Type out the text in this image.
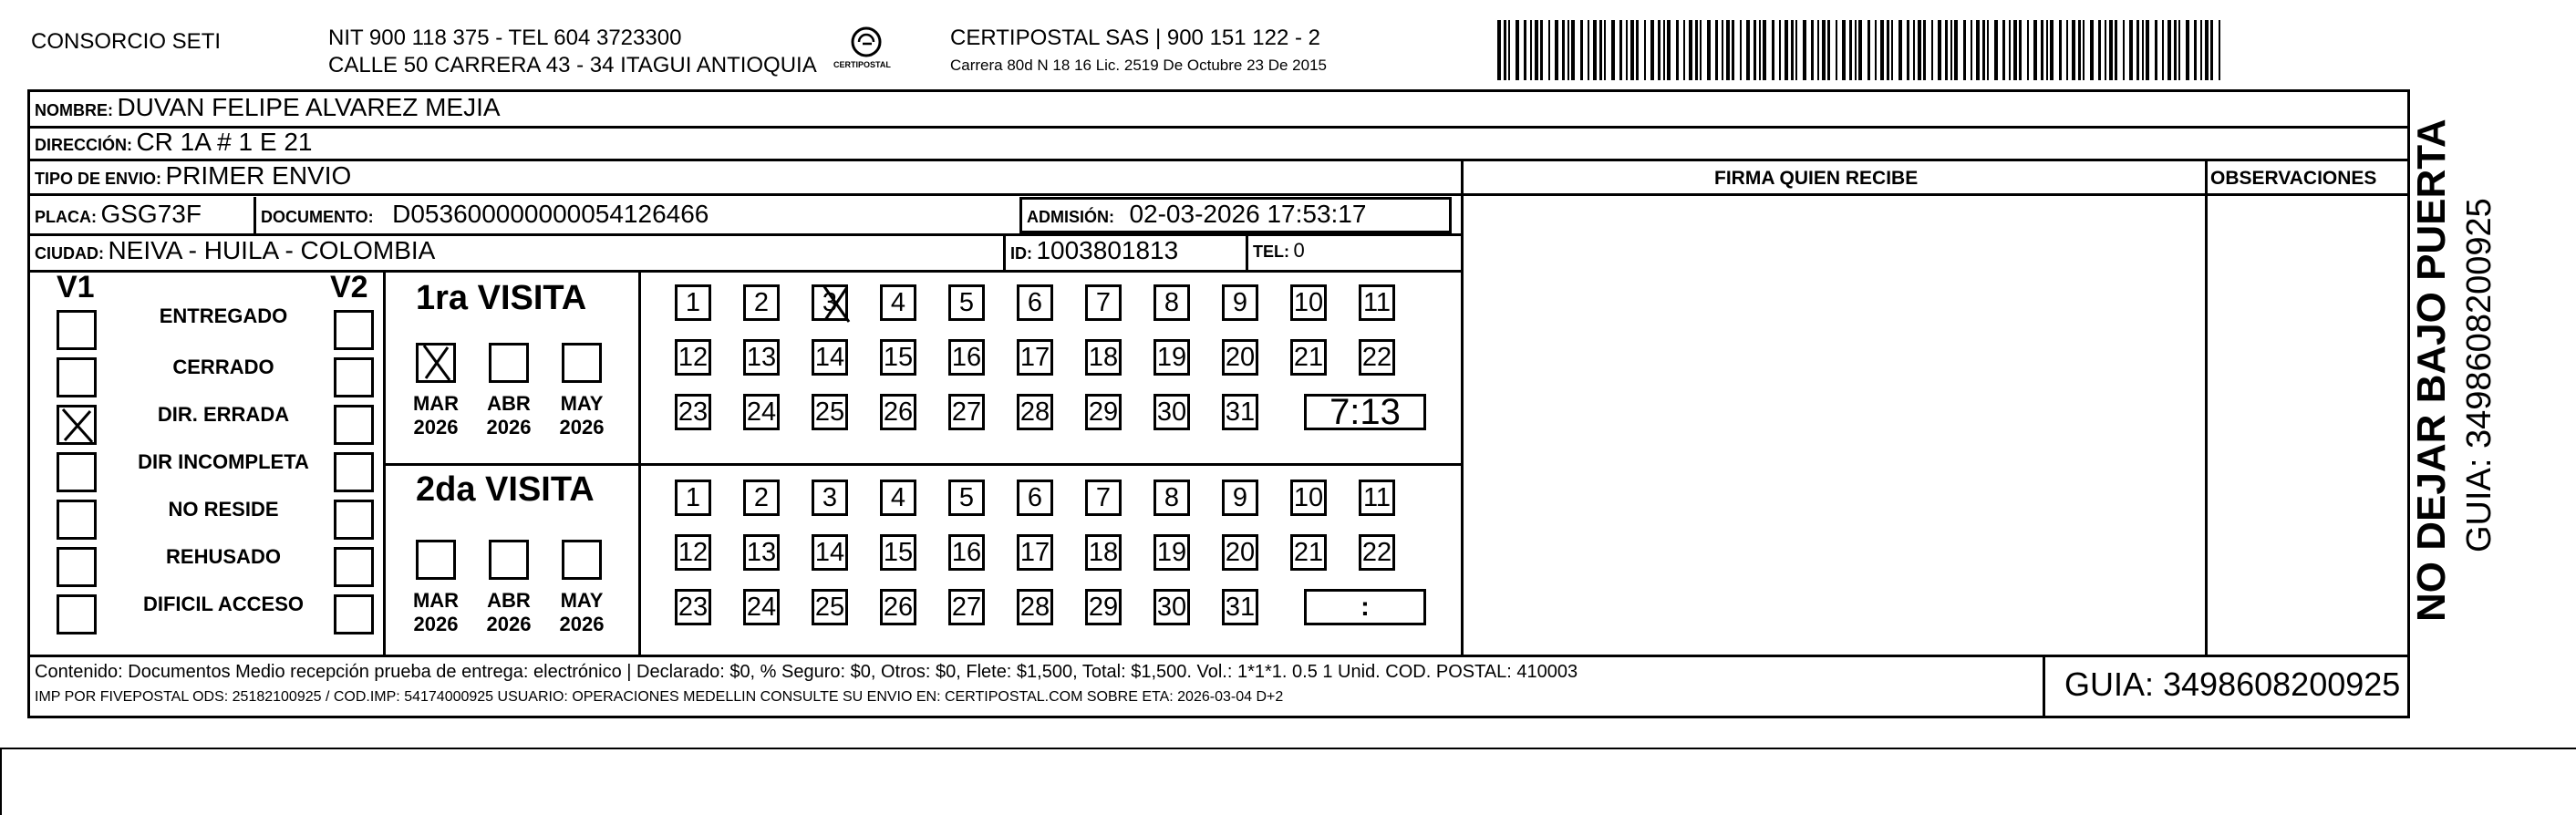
CONSORCIO SETI	NIT 900 118 375 - TEL 604 3723300
CALLE 50 CARRERA 43 - 34 ITAGUI ANTIOQUIA CERTIPOSTAL
CERTIPOSTAL SAS | 900 151 122 - 2
Carrera 80d N 18 16 Lic. 2519 De Octubre 23 De 2015
NOMBRE: DUVAN FELIPE ALVAREZ MEJIA
DIRECCIÓN: CR 1A # 1 E 21
TIPO DE ENVIO: PRIMER ENVIO	FIRMA QUIEN RECIBE	OBSERVACIONES
PLACA: GSG73F	DOCUMENTO: D053600000000054126466	ADMISIÓN: 02-03-2026 17:53:17
CIUDAD: NEIVA - HUILA - COLOMBIA	ID: 1003801813	TEL: 0
V1	V2
ENTREGADO
CERRADO
DIR. ERRADA
DIR INCOMPLETA
NO RESIDE
REHUSADO
DIFICIL ACCESO
1ra VISITA
2da VISITA
MAR
2026
ABR
2026
MAY
2026
MAR
2026
ABR
2026
MAY
2026
1	2	3	4	5	6	7	8	9	10 11
12 13 14 15 16 17 18 19 20 21 22
23 24 25 26 27 28 29 30 31	7:13
1	2	3	4	5	6	7	8	9	10 11
12 13 14 15 16 17 18 19 20 21 22
23 24 25 26 27 28 29 30 31	:
Contenido: Documentos Medio recepción prueba de entrega: electrónico | Declarado: $0, % Seguro: $0, Otros: $0, Flete: $1,500, Total: $1,500. Vol.: 1*1*1. 0.5 1 Unid. COD. POSTAL: 410003
IMP POR FIVEPOSTAL ODS: 25182100925 / COD.IMP: 54174000925 USUARIO: OPERACIONES MEDELLIN CONSULTE SU ENVIO EN: CERTIPOSTAL.COM SOBRE ETA: 2026-03-04 D+2	GUIA: 3498608200925
NO DEJAR BAJO PUERTA GUIA: 3498608200925
